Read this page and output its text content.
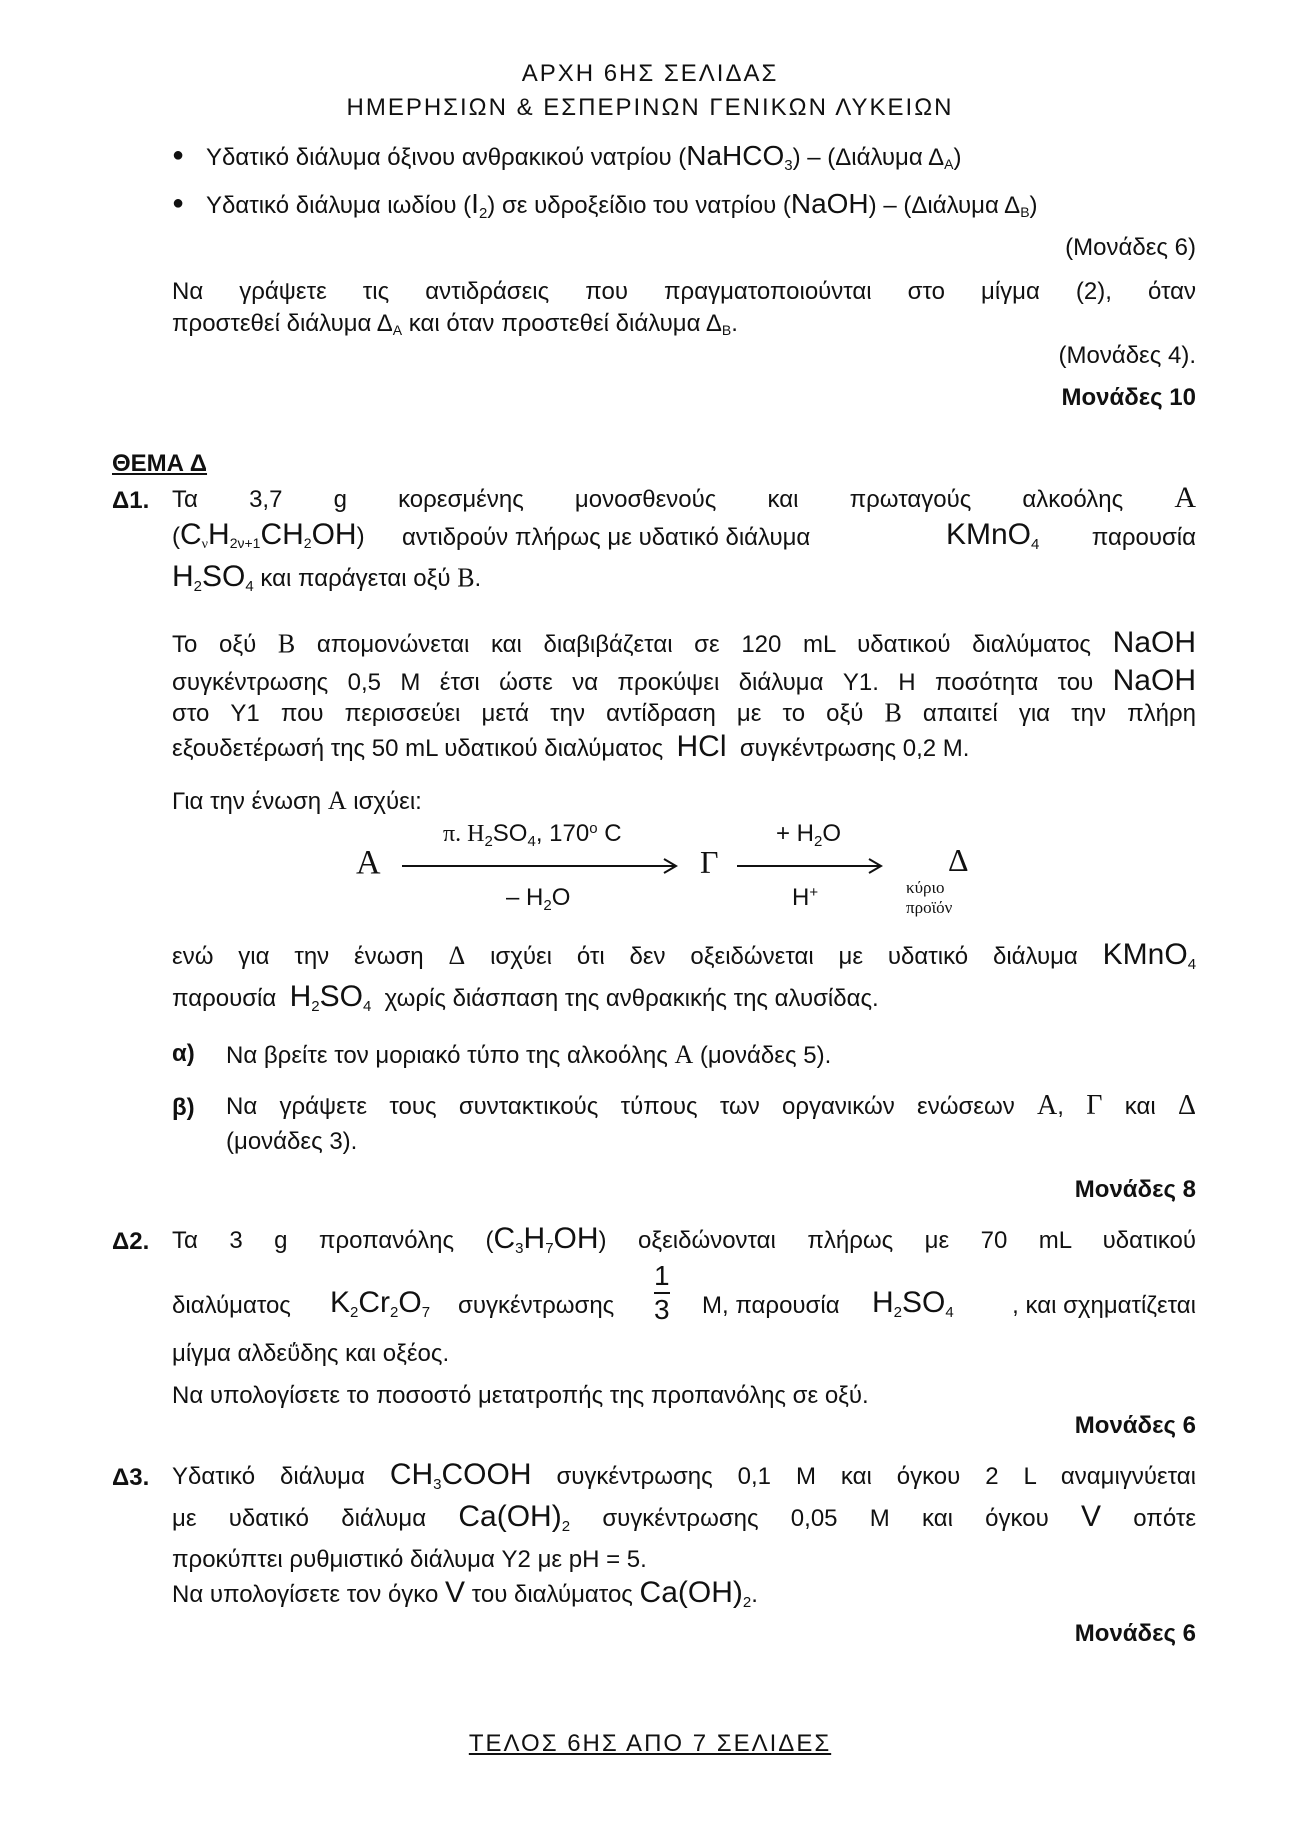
ΑΡΧΗ 6ΗΣ ΣΕΛΙΔΑΣ
ΗΜΕΡΗΣΙΩΝ & ΕΣΠΕΡΙΝΩΝ ΓΕΝΙΚΩΝ ΛΥΚΕΙΩΝ
● Υδατικό διάλυμα όξινου ανθρακικού νατρίου (NaHCO$_3$) – (Διάλυμα $\Delta_A$)
● Υδατικό διάλυμα ιωδίου $(I_2)$ σε υδροξείδιο του νατρίου (NaOH) – (Διάλυμα $\Delta_B$)
(Μονάδες 6)
Να γράψετε τις αντιδράσεις που πραγματοποιούνται στο μίγμα (2), όταν
προστεθεί διάλυμα $\Delta_A$ και όταν προστεθεί διάλυμα $\Delta_B$.
(Μονάδες 4).
Μονάδες 10
ΘΕΜΑ Δ
Δ1. Τα 3,7 g κορεσμένης μονοσθενούς και πρωταγούς αλκοόλης Α
$(C_\nu H_{2\nu+1}CH_2OH)$ αντιδρούν πλήρως με υδατικό διάλυμα	KMnO$_4$ παρουσία
$H_2SO_4$ και παράγεται οξύ Β.
Το οξύ Β απομονώνεται και διαβιβάζεται σε 120 mL υδατικού διαλύματος NaOH
συγκέντρωσης 0,5 M έτσι ώστε να προκύψει διάλυμα Y1. Η ποσότητα του NaOH
στο Y1 που περισσεύει μετά την αντίδραση με το οξύ Β απαιτεί για την πλήρη
εξουδετέρωσή της 50 mL υδατικού διαλύματος HCl συγκέντρωσης 0,2 M.
Για την ένωση Α ισχύει:
Α
π. $H_2SO_4$, 170$^o$ C
– $H_2O$
Γ
+ $H_2O$
H+
Δ
κύριο προϊόν
ενώ για την ένωση Δ ισχύει ότι δεν οξειδώνεται με υδατικό διάλυμα KMnO$_4$
παρουσία $H_2SO_4$ χωρίς διάσπαση της ανθρακικής της αλυσίδας.
α) Να βρείτε τον μοριακό τύπο της αλκοόλης Α (μονάδες 5).
β) Να γράψετε τους συντακτικούς τύπους των οργανικών ενώσεων Α, Γ και Δ
(μονάδες 3).
Μονάδες 8
Δ2. Τα 3 g προπανόλης $(C_3H_7OH)$ οξειδώνονται πλήρως με 70 mL υδατικού
διαλύματος $K_2Cr_2O_7$ συγκέντρωσης
1
3 M, παρουσία $H_2SO_4$ , και σχηματίζεται
μίγμα αλδεΰδης και οξέος.
Να υπολογίσετε το ποσοστό μετατροπής της προπανόλης σε οξύ.
Μονάδες 6
Δ3. Υδατικό διάλυμα $CH_3COOH$ συγκέντρωσης 0,1 M και όγκου 2 L αναμιγνύεται
με υδατικό διάλυμα $Ca(OH)_2$ συγκέντρωσης 0,05 M και όγκου V οπότε
προκύπτει ρυθμιστικό διάλυμα Y2 με pH = 5.
Να υπολογίσετε τον όγκο V του διαλύματος $Ca(OH)_2$.
Μονάδες 6
ΤΕΛΟΣ 6ΗΣ ΑΠΟ 7 ΣΕΛΙΔΕΣ
